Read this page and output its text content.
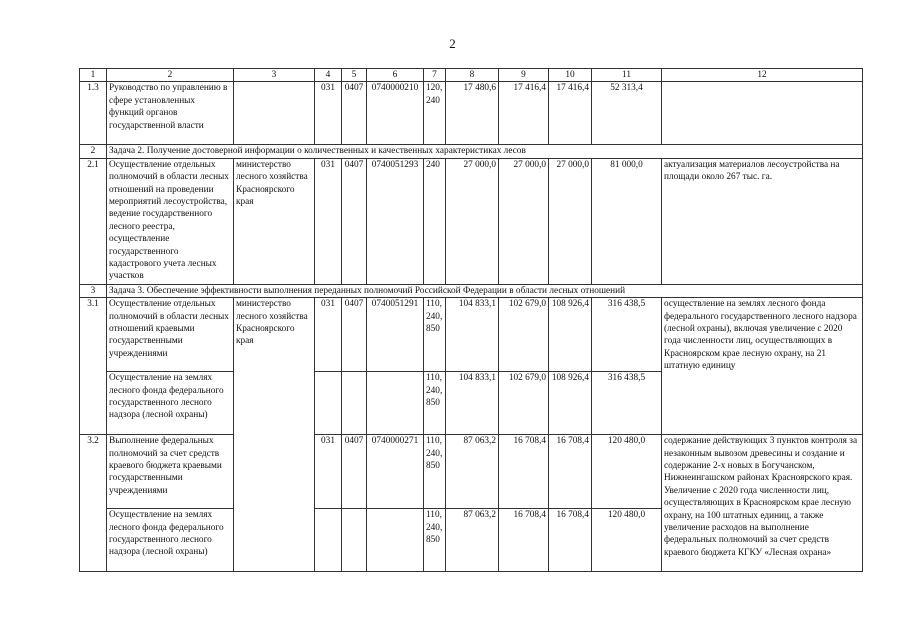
2
1	2	3	4	5	6	7	8	9	10	11	12
1.3	Руководство по управлению в сфере установленных функций органов государственной власти		031	0407	0740000210	120, 240	17 480,6	17 416,4	17 416,4	52 313,4	
2	Задача 2. Получение достоверной информации о количественных и качественных характеристиках лесов										
2.1	Осуществление отдельных полномочий в области лесных отношений на проведении мероприятий лесоустройства, ведение государственного лесного реестра, осуществление государственного кадастрового учета лесных участков	министерство лесного хозяйства Красноярского края	031	0407	0740051293	240	27 000,0	27 000,0	27 000,0	81 000,0	актуализация материалов лесоустройства на площади около 267 тыс. га.
3	Задача 3. Обеспечение эффективности выполнения переданных полномочий Российской Федерации в области лесных отношений										
3.1	Осуществление отдельных полномочий в области лесных отношений краевыми государственными учреждениями	министерство лесного хозяйства Красноярского края	031	0407	0740051291	110, 240, 850	104 833,1	102 679,0	108 926,4	316 438,5	осуществление на землях лесного фонда федерального государственного лесного надзора (лесной охраны), включая увеличение с 2020 года численности лиц, осуществляющих в Красноярском крае лесную охрану, на 21 штатную единицу
	Осуществление на землях лесного фонда федерального государственного лесного надзора (лесной охраны)					110, 240, 850	104 833,1	102 679,0	108 926,4	316 438,5	
3.2	Выполнение федеральных полномочий за счет средств краевого бюджета краевыми государственными учреждениями		031	0407	0740000271	110, 240, 850	87 063,2	16 708,4	16 708,4	120 480,0	содержание действующих 3 пунктов контроля за незаконным вывозом древесины и создание и содержание 2-х новых в Богучанском, Нижнеингашском районах Красноярского края. Увеличение с 2020 года численности лиц, осуществляющих в Красноярском крае лесную охрану, на 100 штатных единиц, а также увеличение расходов на выполнение федеральных полномочий за счет средств краевого бюджета КГКУ «Лесная охрана»
	Осуществление на землях лесного фонда федерального государственного лесного надзора (лесной охраны)					110, 240, 850	87 063,2	16 708,4	16 708,4	120 480,0	
